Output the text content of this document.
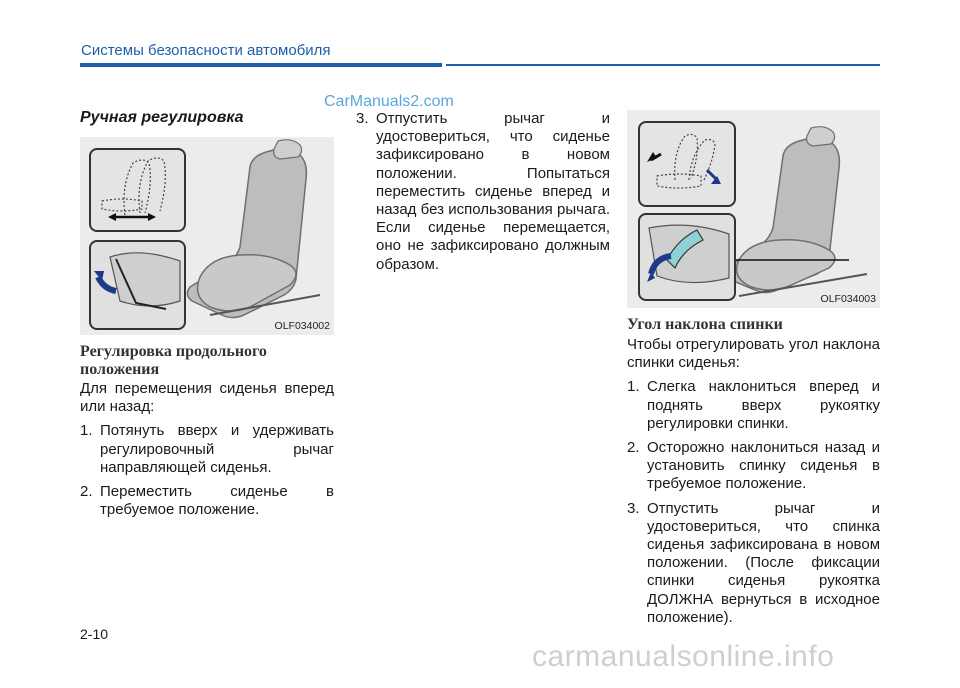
Системы безопасности автомобиля
CarManuals2.com
Ручная регулировка
OLF034002
Регулировка продольного положения
Для перемещения сиденья вперед или назад:
1. Потянуть вверх и удерживать регулировочный рычаг направляющей сиденья.
2. Переместить сиденье в требуемое положение.
3. Отпустить рычаг и удостовериться, что сиденье зафиксировано в новом положении. Попытаться переместить сиденье вперед и назад без использования рычага. Если сиденье перемещается, оно не зафиксировано должным образом.
OLF034003
Угол наклона спинки
Чтобы отрегулировать угол наклона спинки сиденья:
1. Слегка наклониться вперед и поднять вверх рукоятку регулировки спинки.
2. Осторожно наклониться назад и установить спинку сиденья в требуемое положение.
3. Отпустить рычаг и удостовериться, что спинка сиденья зафиксирована в новом положении. (После фиксации спинки сиденья рукоятка ДОЛЖНА вернуться в исходное положение).
2-10
carmanualsonline.info
